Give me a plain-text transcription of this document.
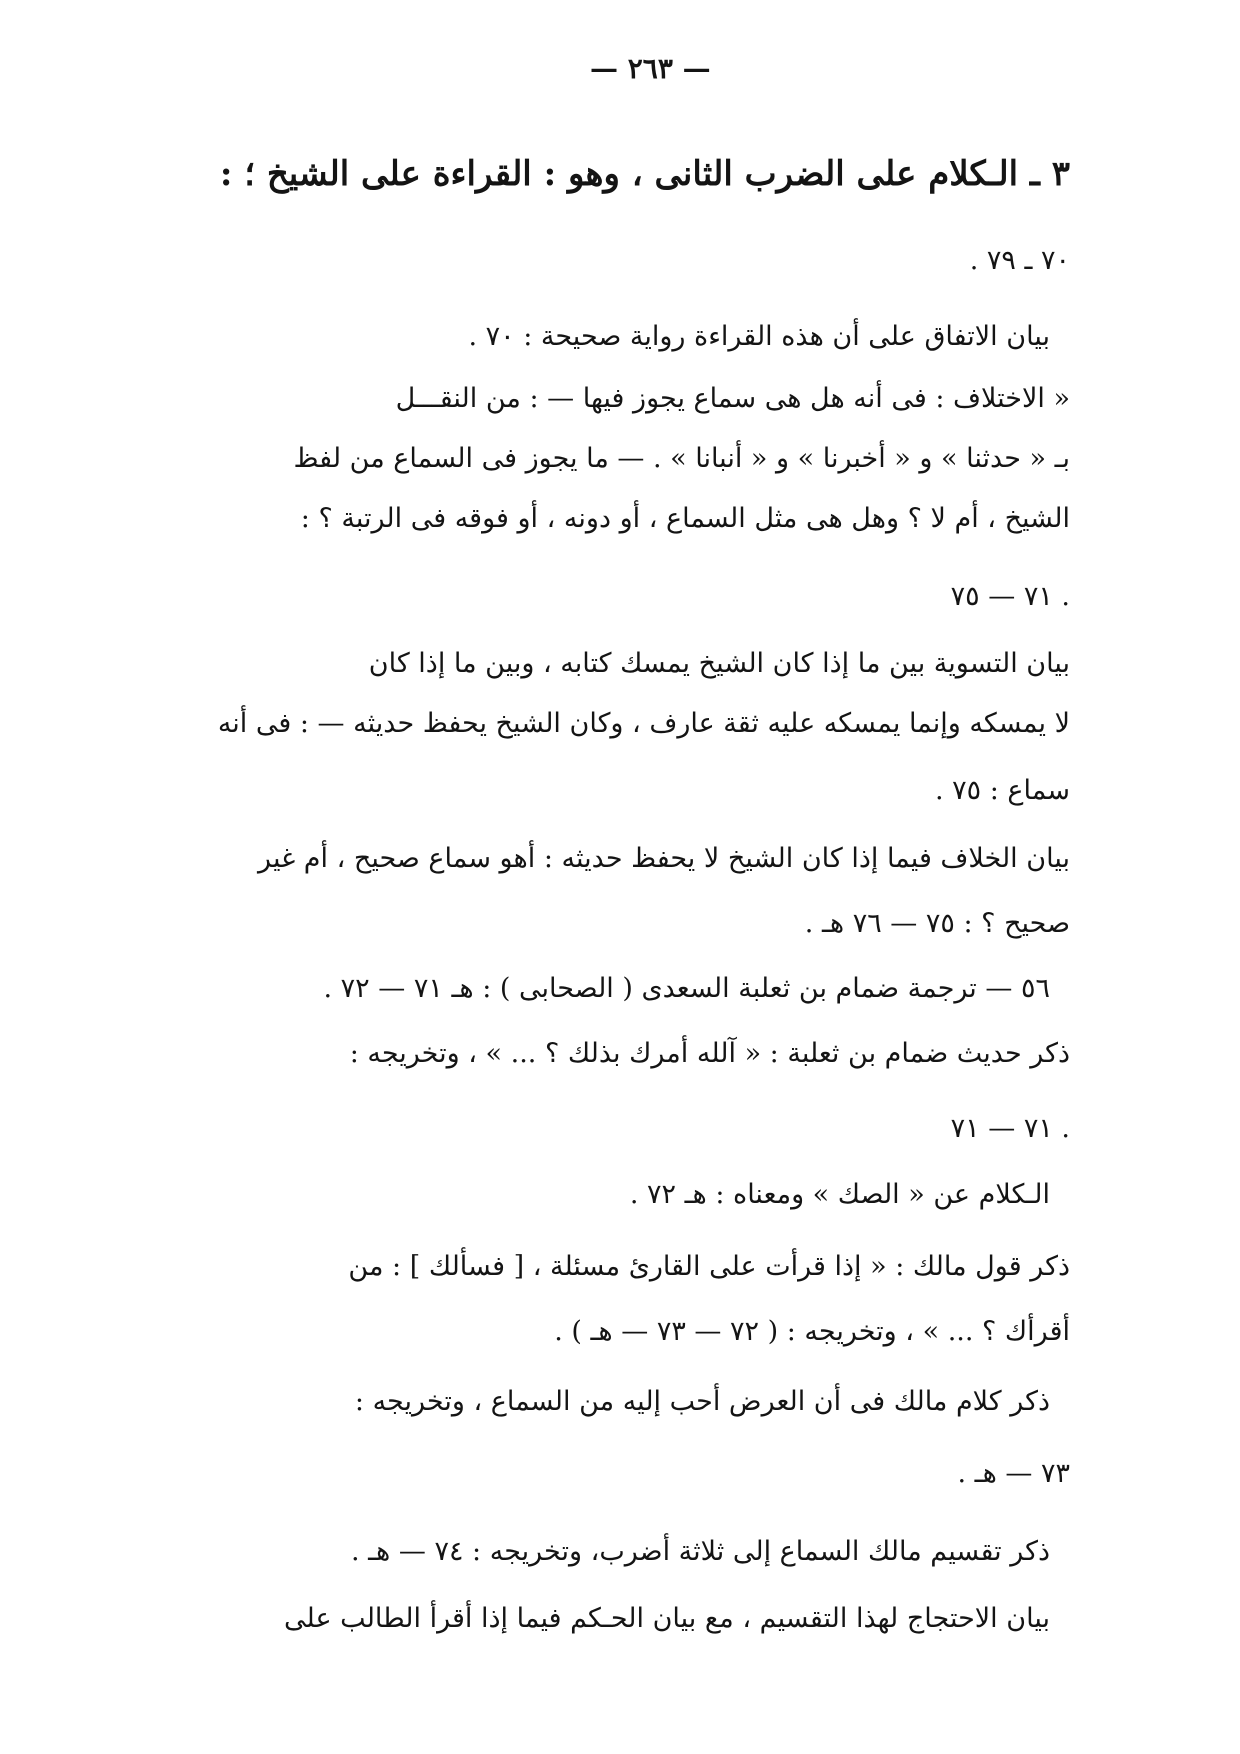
— ٢٦٣ —
٣ ـ الـكلام على الضرب الثانى ، وهو : القراءة على الشيخ ؛ :
٧٠ ـ ٧٩ .
بيان الاتفاق على أن هذه القراءة رواية صحيحة : ٧٠ .
« الاختلاف : فى أنه هل هى سماع يجوز فيها — : من النقـــل
بـ « حدثنا » و « أخبرنا » و « أنبانا » . — ما يجوز فى السماع من لفظ
الشيخ ، أم لا ؟ وهل هى مثل السماع ، أو دونه ، أو فوقه فى الرتبة ؟ :
٧١ — ٧٥ .
بيان التسوية بين ما إذا كان الشيخ يمسك كتابه ، وبين ما إذا كان
لا يمسكه وإنما يمسكه عليه ثقة عارف ، وكان الشيخ يحفظ حديثه — : فى أنه
سماع : ٧٥ .
بيان الخلاف فيما إذا كان الشيخ لا يحفظ حديثه : أهو سماع صحيح ، أم غير
صحيح ؟ : ٧٥ — ٧٦ هـ .
٥٦ — ترجمة ضمام بن ثعلبة السعدى ( الصحابى ) : هـ ٧١ — ٧٢ .
ذكر حديث ضمام بن ثعلبة : « آلله أمرك بذلك ؟ ... » ، وتخريجه :
٧١ — ٧١ .
الـكلام عن « الصك » ومعناه : هـ ٧٢ .
ذكر قول مالك : « إذا قرأت على القارئ مسئلة ، [ فسألك ] : من
أقرأك ؟ ... » ، وتخريجه : ( ٧٢ — ٧٣ — هـ ) .
ذكر كلام مالك فى أن العرض أحب إليه من السماع ، وتخريجه :
٧٣ — هـ .
ذكر تقسيم مالك السماع إلى ثلاثة أضرب، وتخريجه : ٧٤ — هـ .
بيان الاحتجاج لهذا التقسيم ، مع بيان الحـكم فيما إذا أقرأ الطالب على
